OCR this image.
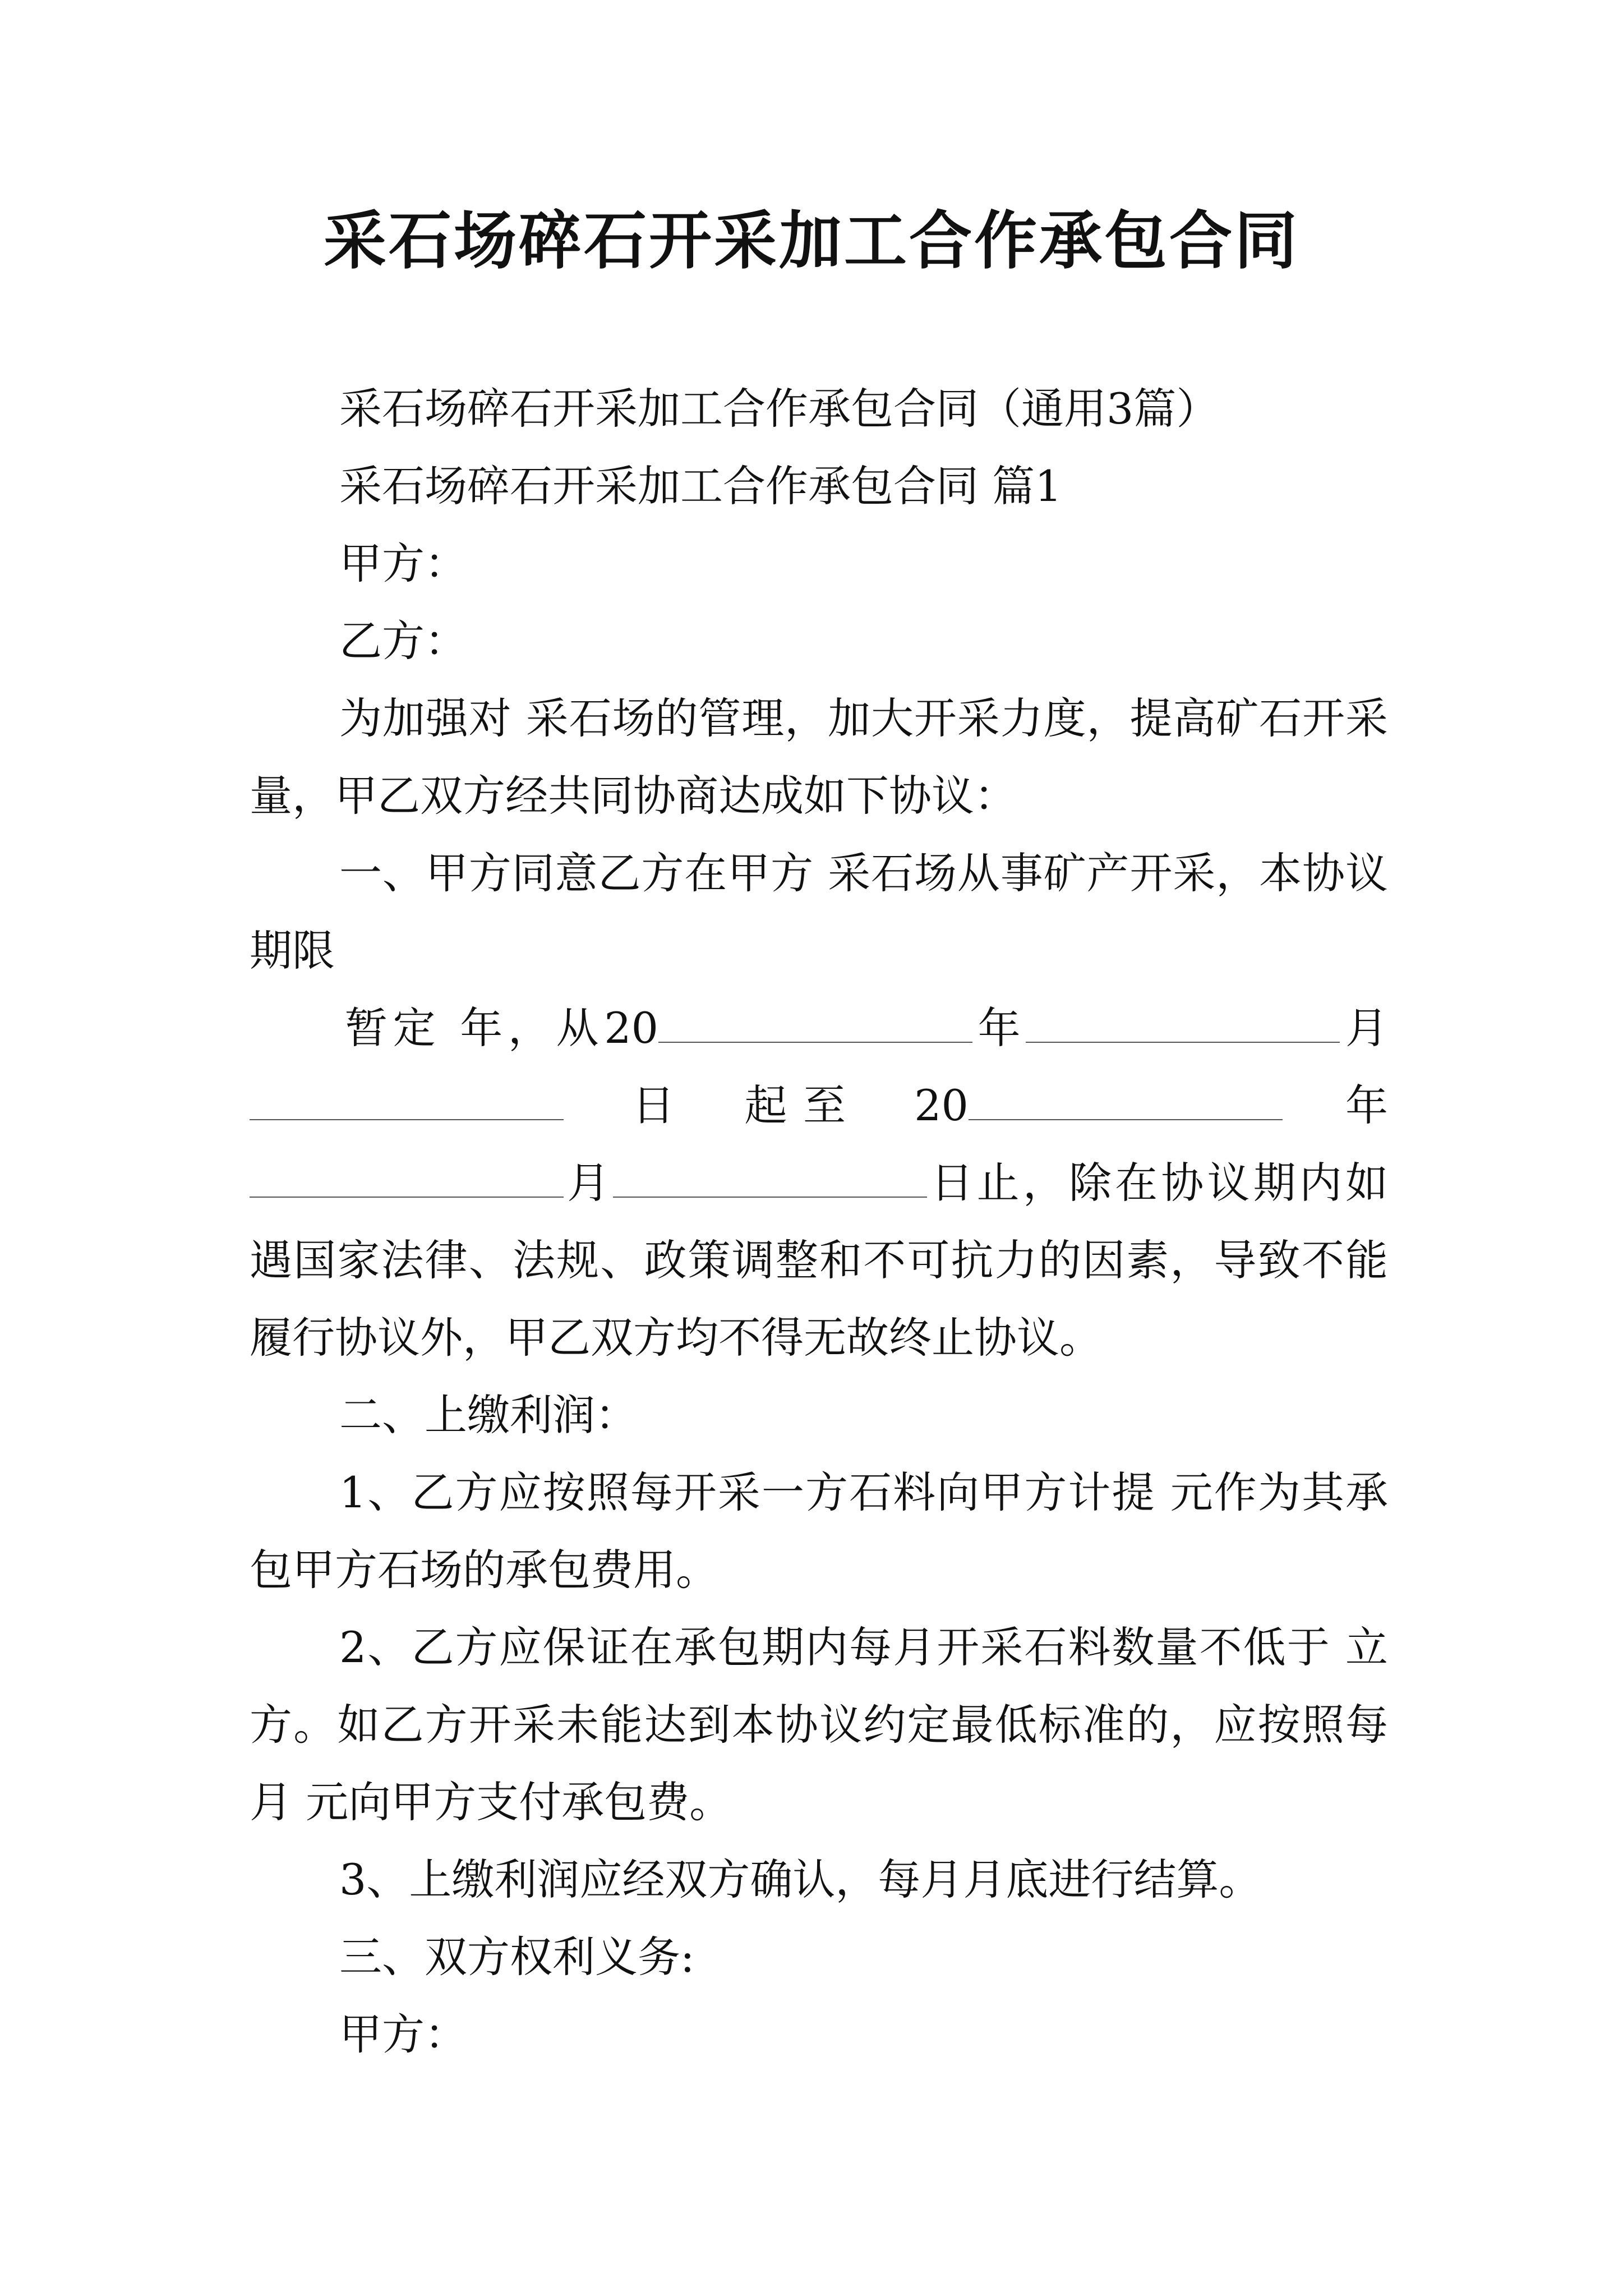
采石场碎石开采加工合作承包合同

采石场碎石开采加工合作承包合同（通用3篇）

采石场碎石开采加工合作承包合同 篇1

甲方：

乙方：

为加强对 采石场的管理，加大开采力度，提高矿石开采量，甲乙双方经共同协商达成如下协议：

一、甲方同意乙方在甲方 采石场从事矿产开采，本协议期限

暂定 年，从20	年	月日 起 至 20	年月	日止，除在协议期内如遇国家法律、法规、政策调整和不可抗力的因素，导致不能履行协议外，甲乙双方均不得无故终止协议。

二、上缴利润：

1、乙方应按照每开采一方石料向甲方计提 元作为其承包甲方石场的承包费用。

2、乙方应保证在承包期内每月开采石料数量不低于 立方。如乙方开采未能达到本协议约定最低标准的，应按照每月 元向甲方支付承包费。

3、上缴利润应经双方确认，每月月底进行结算。

三、双方权利义务:

甲方：
